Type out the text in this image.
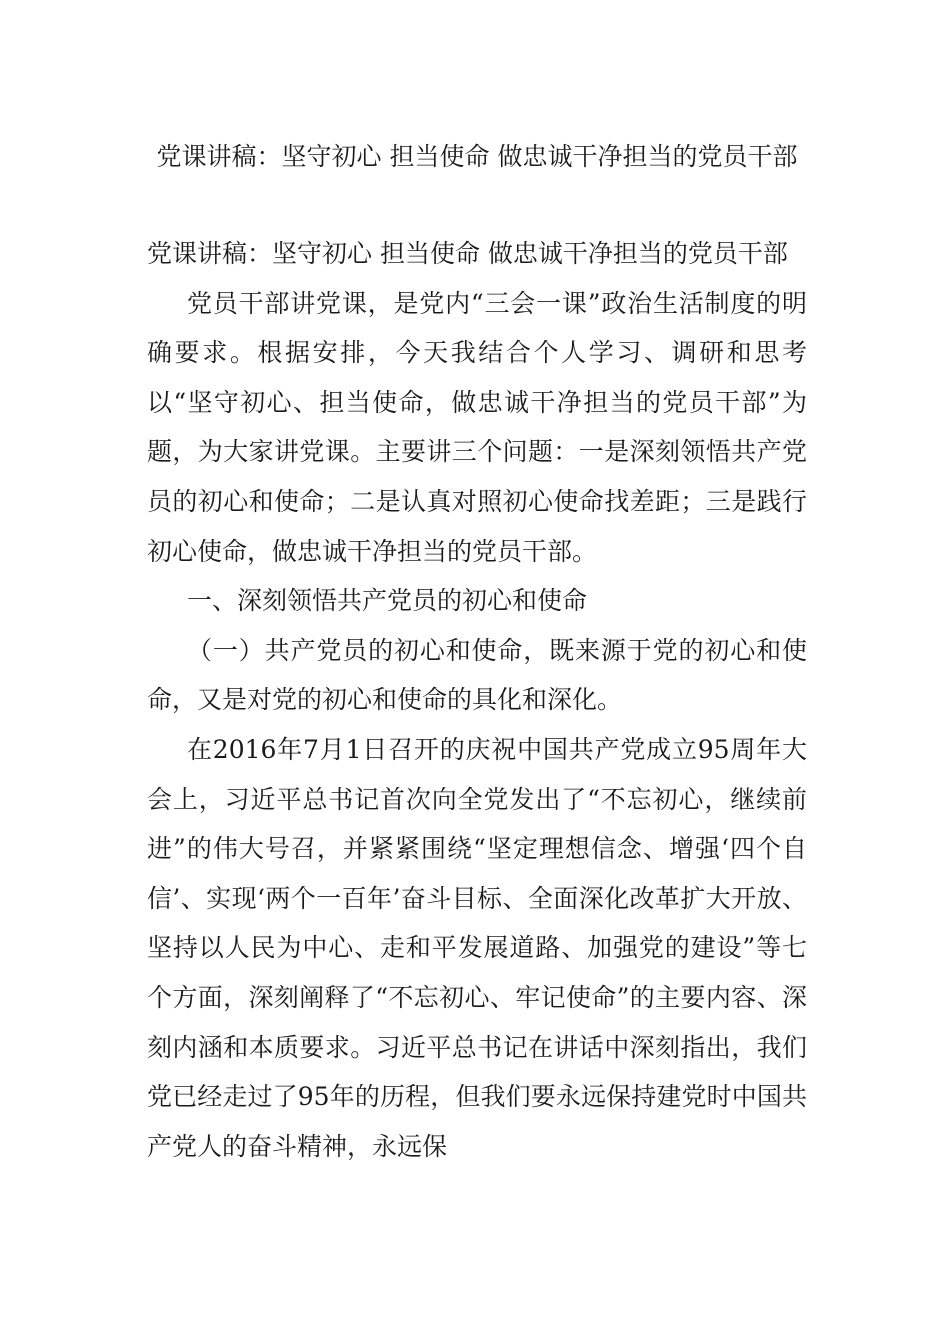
党课讲稿：坚守初心 担当使命 做忠诚干净担当的党员干部

党课讲稿：坚守初心 担当使命 做忠诚干净担当的党员干部

党员干部讲党课，是党内“三会一课”政治生活制度的明确要求。根据安排，今天我结合个人学习、调研和思考以“坚守初心、担当使命，做忠诚干净担当的党员干部”为题，为大家讲党课。主要讲三个问题：一是深刻领悟共产党员的初心和使命；二是认真对照初心使命找差距；三是践行初心使命，做忠诚干净担当的党员干部。

一、深刻领悟共产党员的初心和使命

（一）共产党员的初心和使命，既来源于党的初心和使命，又是对党的初心和使命的具化和深化。

在2016年7月1日召开的庆祝中国共产党成立95周年大会上，习近平总书记首次向全党发出了“不忘初心，继续前进”的伟大号召，并紧紧围绕“坚定理想信念、增强‘四个自信’、实现‘两个一百年’奋斗目标、全面深化改革扩大开放、坚持以人民为中心、走和平发展道路、加强党的建设”等七个方面，深刻阐释了“不忘初心、牢记使命”的主要内容、深刻内涵和本质要求。习近平总书记在讲话中深刻指出，我们党已经走过了95年的历程，但我们要永远保持建党时中国共产党人的奋斗精神，永远保
